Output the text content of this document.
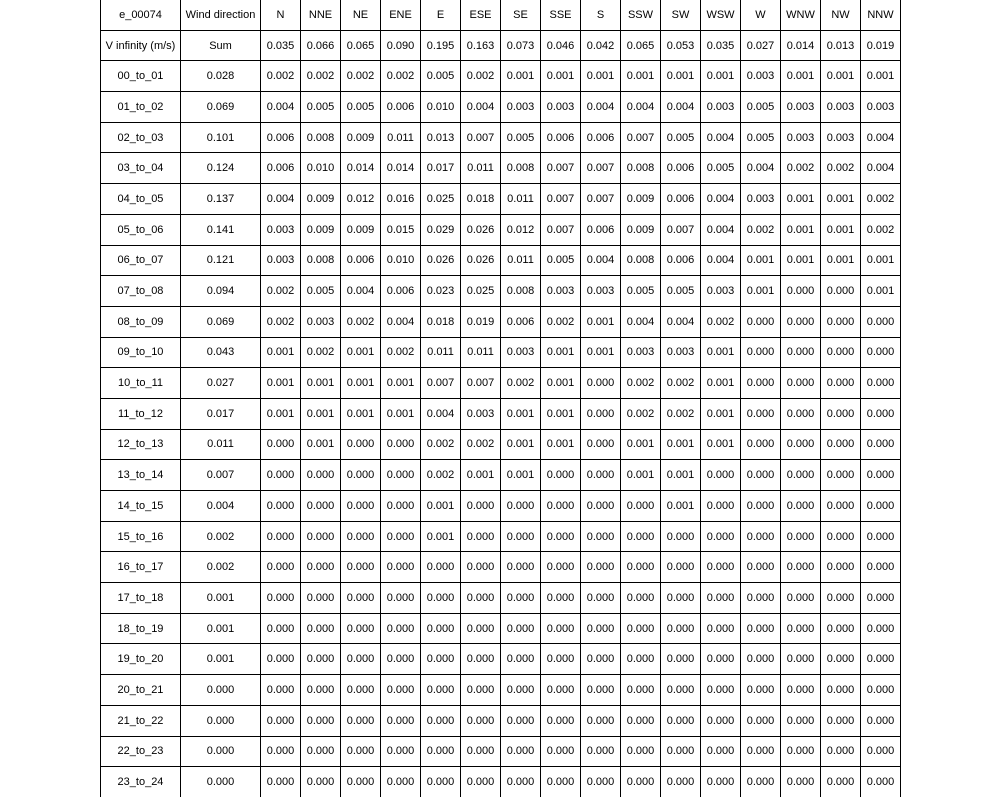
e_00074	Wind direction	N	NNE	NE	ENE	E	ESE	SE	SSE	S	SSW	SW	WSW	W	WNW	NW	NNW
V infinity (m/s)	Sum	0.035	0.066	0.065	0.090	0.195	0.163	0.073	0.046	0.042	0.065	0.053	0.035	0.027	0.014	0.013	0.019
00_to_01	0.028	0.002	0.002	0.002	0.002	0.005	0.002	0.001	0.001	0.001	0.001	0.001	0.001	0.003	0.001	0.001	0.001
01_to_02	0.069	0.004	0.005	0.005	0.006	0.010	0.004	0.003	0.003	0.004	0.004	0.004	0.003	0.005	0.003	0.003	0.003
02_to_03	0.101	0.006	0.008	0.009	0.011	0.013	0.007	0.005	0.006	0.006	0.007	0.005	0.004	0.005	0.003	0.003	0.004
03_to_04	0.124	0.006	0.010	0.014	0.014	0.017	0.011	0.008	0.007	0.007	0.008	0.006	0.005	0.004	0.002	0.002	0.004
04_to_05	0.137	0.004	0.009	0.012	0.016	0.025	0.018	0.011	0.007	0.007	0.009	0.006	0.004	0.003	0.001	0.001	0.002
05_to_06	0.141	0.003	0.009	0.009	0.015	0.029	0.026	0.012	0.007	0.006	0.009	0.007	0.004	0.002	0.001	0.001	0.002
06_to_07	0.121	0.003	0.008	0.006	0.010	0.026	0.026	0.011	0.005	0.004	0.008	0.006	0.004	0.001	0.001	0.001	0.001
07_to_08	0.094	0.002	0.005	0.004	0.006	0.023	0.025	0.008	0.003	0.003	0.005	0.005	0.003	0.001	0.000	0.000	0.001
08_to_09	0.069	0.002	0.003	0.002	0.004	0.018	0.019	0.006	0.002	0.001	0.004	0.004	0.002	0.000	0.000	0.000	0.000
09_to_10	0.043	0.001	0.002	0.001	0.002	0.011	0.011	0.003	0.001	0.001	0.003	0.003	0.001	0.000	0.000	0.000	0.000
10_to_11	0.027	0.001	0.001	0.001	0.001	0.007	0.007	0.002	0.001	0.000	0.002	0.002	0.001	0.000	0.000	0.000	0.000
11_to_12	0.017	0.001	0.001	0.001	0.001	0.004	0.003	0.001	0.001	0.000	0.002	0.002	0.001	0.000	0.000	0.000	0.000
12_to_13	0.011	0.000	0.001	0.000	0.000	0.002	0.002	0.001	0.001	0.000	0.001	0.001	0.001	0.000	0.000	0.000	0.000
13_to_14	0.007	0.000	0.000	0.000	0.000	0.002	0.001	0.001	0.000	0.000	0.001	0.001	0.000	0.000	0.000	0.000	0.000
14_to_15	0.004	0.000	0.000	0.000	0.000	0.001	0.000	0.000	0.000	0.000	0.000	0.001	0.000	0.000	0.000	0.000	0.000
15_to_16	0.002	0.000	0.000	0.000	0.000	0.001	0.000	0.000	0.000	0.000	0.000	0.000	0.000	0.000	0.000	0.000	0.000
16_to_17	0.002	0.000	0.000	0.000	0.000	0.000	0.000	0.000	0.000	0.000	0.000	0.000	0.000	0.000	0.000	0.000	0.000
17_to_18	0.001	0.000	0.000	0.000	0.000	0.000	0.000	0.000	0.000	0.000	0.000	0.000	0.000	0.000	0.000	0.000	0.000
18_to_19	0.001	0.000	0.000	0.000	0.000	0.000	0.000	0.000	0.000	0.000	0.000	0.000	0.000	0.000	0.000	0.000	0.000
19_to_20	0.001	0.000	0.000	0.000	0.000	0.000	0.000	0.000	0.000	0.000	0.000	0.000	0.000	0.000	0.000	0.000	0.000
20_to_21	0.000	0.000	0.000	0.000	0.000	0.000	0.000	0.000	0.000	0.000	0.000	0.000	0.000	0.000	0.000	0.000	0.000
21_to_22	0.000	0.000	0.000	0.000	0.000	0.000	0.000	0.000	0.000	0.000	0.000	0.000	0.000	0.000	0.000	0.000	0.000
22_to_23	0.000	0.000	0.000	0.000	0.000	0.000	0.000	0.000	0.000	0.000	0.000	0.000	0.000	0.000	0.000	0.000	0.000
23_to_24	0.000	0.000	0.000	0.000	0.000	0.000	0.000	0.000	0.000	0.000	0.000	0.000	0.000	0.000	0.000	0.000	0.000
